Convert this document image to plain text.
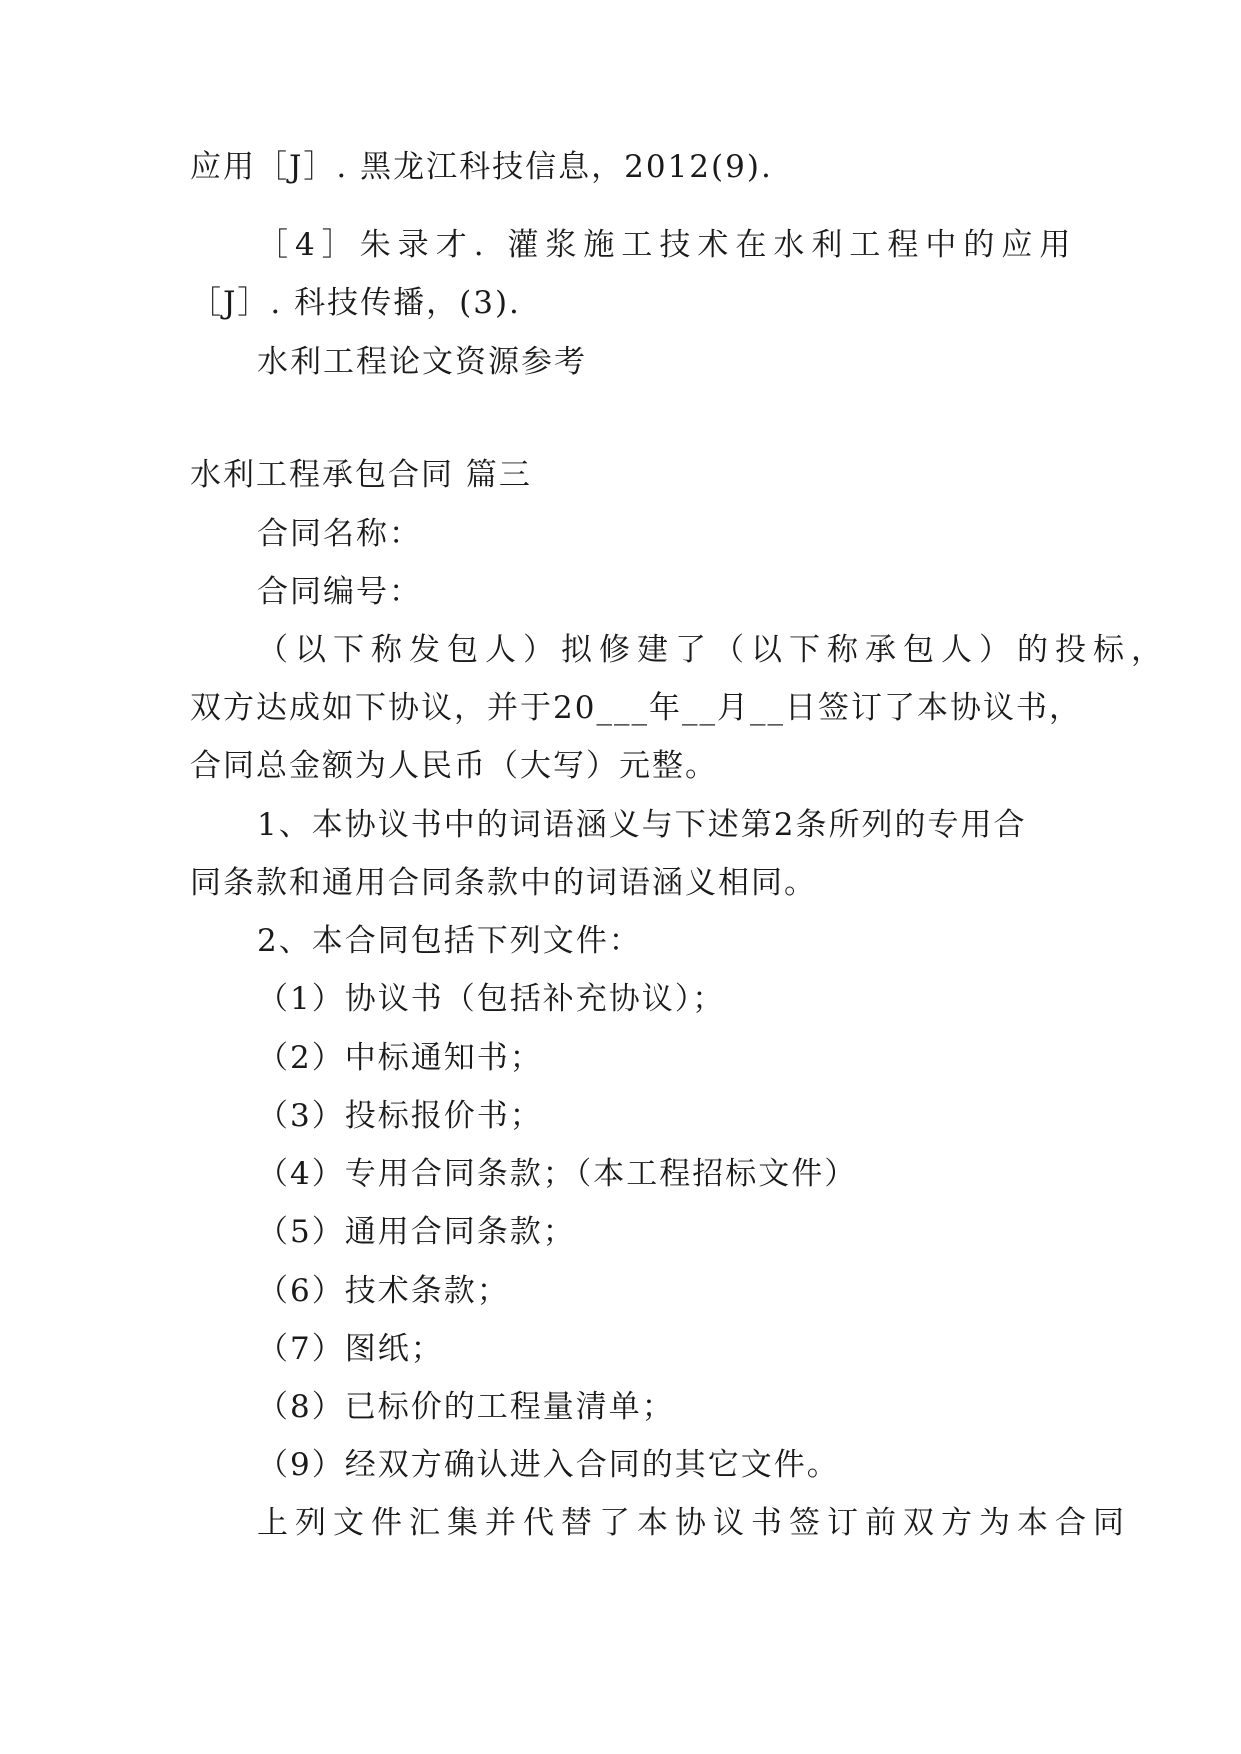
应用［J］. 黑龙江科技信息，2012(9).
［4］朱录才. 灌浆施工技术在水利工程中的应用
［J］. 科技传播，(3).
水利工程论文资源参考
水利工程承包合同 篇三
合同名称：
合同编号：
（以下称发包人）拟修建了（以下称承包人）的投标，
双方达成如下协议，并于20___年__月__日签订了本协议书，
合同总金额为人民币（大写）元整。
1、本协议书中的词语涵义与下述第2条所列的专用合
同条款和通用合同条款中的词语涵义相同。
2、本合同包括下列文件：
（1）协议书（包括补充协议）；
（2）中标通知书；
（3）投标报价书；
（4）专用合同条款；（本工程招标文件）
（5）通用合同条款；
（6）技术条款；
（7）图纸；
（8）已标价的工程量清单；
（9）经双方确认进入合同的其它文件。
上列文件汇集并代替了本协议书签订前双方为本合同
